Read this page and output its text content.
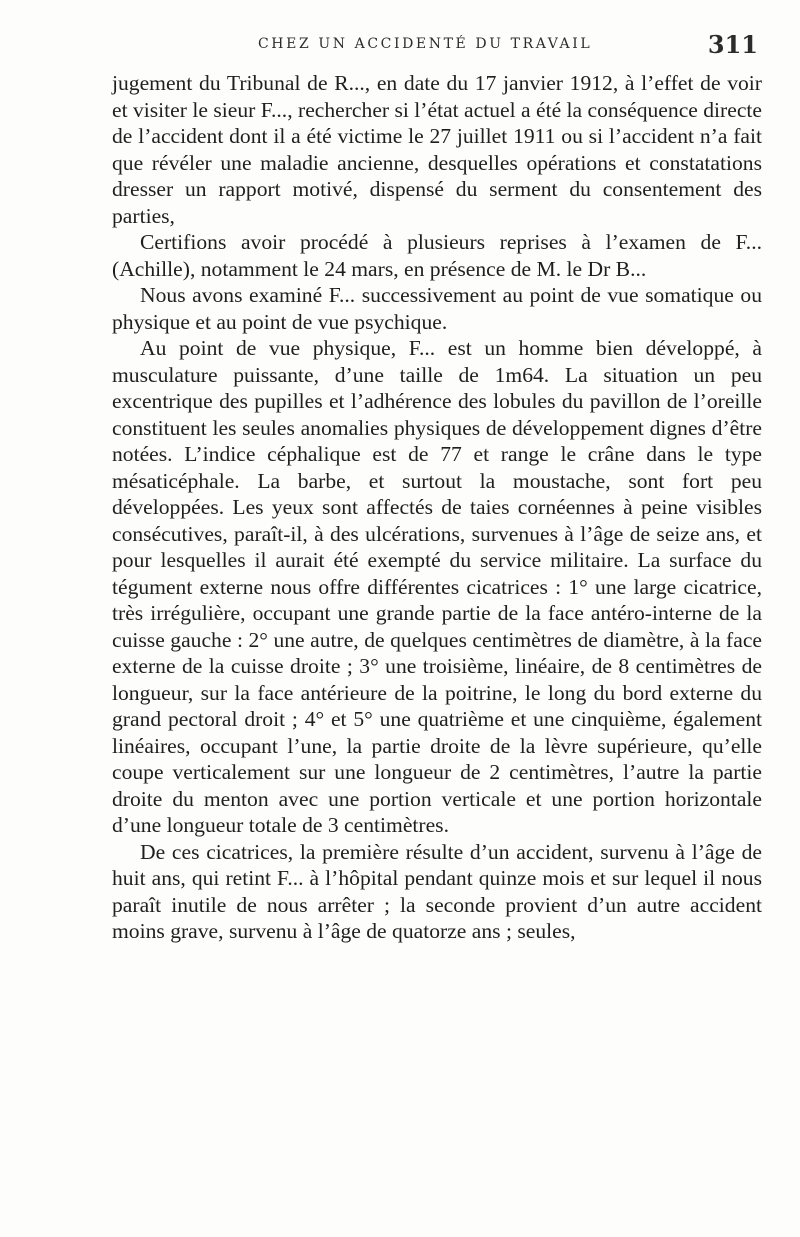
CHEZ UN ACCIDENTÉ DU TRAVAIL	311

jugement du Tribunal de R..., en date du 17 janvier 1912, à l’effet de voir et visiter le sieur F..., rechercher si l’état actuel a été la conséquence directe de l’accident dont il a été victime le 27 juillet 1911 ou si l’accident n’a fait que révéler une maladie ancienne, desquelles opérations et constatations dresser un rapport motivé, dispensé du serment du consentement des parties,

Certifions avoir procédé à plusieurs reprises à l’examen de F... (Achille), notamment le 24 mars, en présence de M. le Dr B...

Nous avons examiné F... successivement au point de vue somatique ou physique et au point de vue psychique.

Au point de vue physique, F... est un homme bien développé, à musculature puissante, d’une taille de 1m64. La situation un peu excentrique des pupilles et l’adhérence des lobules du pavillon de l’oreille constituent les seules anomalies physiques de développement dignes d’être notées. L’indice céphalique est de 77 et range le crâne dans le type mésaticéphale. La barbe, et surtout la moustache, sont fort peu développées. Les yeux sont affectés de taies cornéennes à peine visibles consécutives, paraît-il, à des ulcérations, survenues à l’âge de seize ans, et pour lesquelles il aurait été exempté du service militaire. La surface du tégument externe nous offre différentes cicatrices : 1° une large cicatrice, très irrégulière, occupant une grande partie de la face antéro-interne de la cuisse gauche : 2° une autre, de quelques centimètres de diamètre, à la face externe de la cuisse droite ; 3° une troisième, linéaire, de 8 centimètres de longueur, sur la face antérieure de la poitrine, le long du bord externe du grand pectoral droit ; 4° et 5° une quatrième et une cinquième, également linéaires, occupant l’une, la partie droite de la lèvre supérieure, qu’elle coupe verticalement sur une longueur de 2 centimètres, l’autre la partie droite du menton avec une portion verticale et une portion horizontale d’une longueur totale de 3 centimètres.

De ces cicatrices, la première résulte d’un accident, survenu à l’âge de huit ans, qui retint F... à l’hôpital pendant quinze mois et sur lequel il nous paraît inutile de nous arrêter ; la seconde provient d’un autre accident moins grave, survenu à l’âge de quatorze ans ; seules,
